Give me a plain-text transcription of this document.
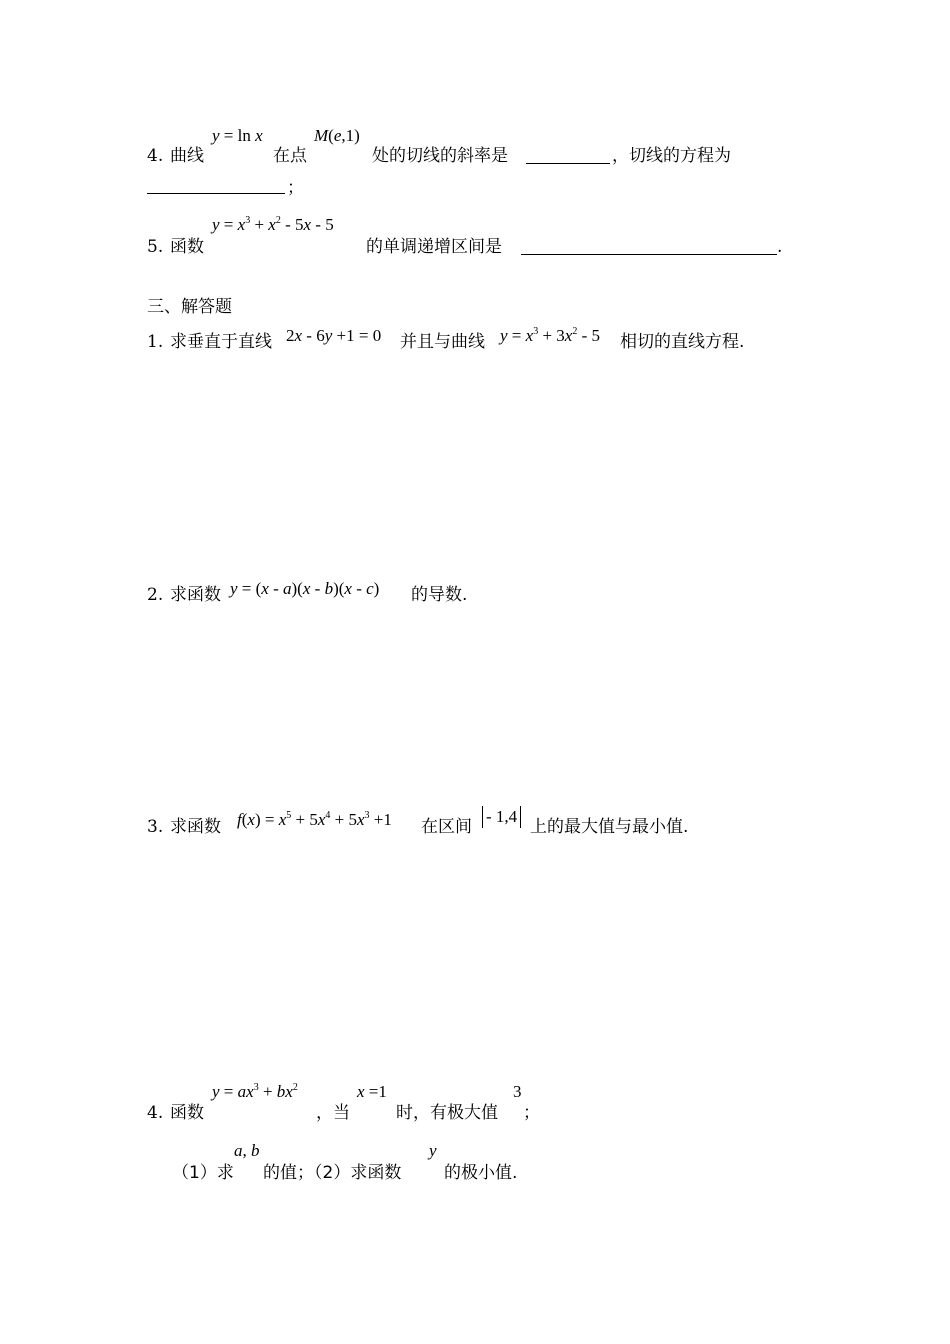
4. 曲线
y = ln x
在点
M(e,1)
处的切线的斜率是	，切线的方程为
；
5. 函数
$y = x^3 + x^2 - 5x - 5$
的单调递增区间是	.
三、解答题
1. 求垂直于直线 2x - 6y +1 = 0 并且与曲线 $y = x^3 + 3x^2 - 5$ 相切的直线方程.
2. 求函数 y = (x - a)(x - b)(x - c) 的导数.
3. 求函数 $f(x) = x^5 + 5x^4 + 5x^3 +1$ 在区间
- 1,4
上的最大值与最小值.
4. 函数
$y = ax^3 + bx^2$
，当
x =1
时，有极大值
3
；
（1）求
a, b
的值；（2）求函数
y
的极小值.
